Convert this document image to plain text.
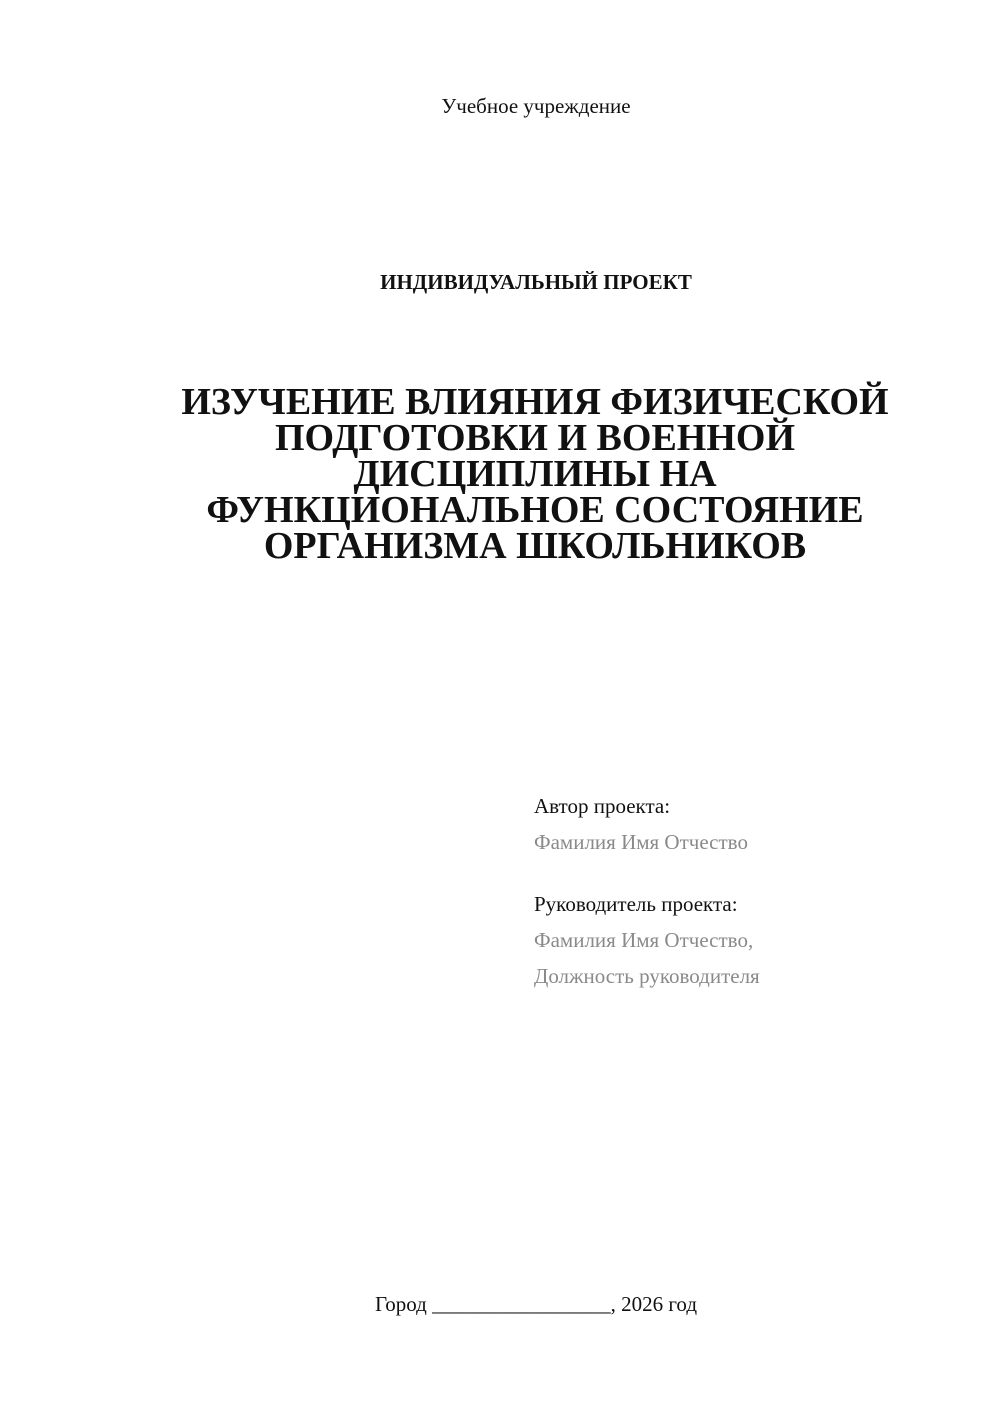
Учебное учреждение
ИНДИВИДУАЛЬНЫЙ ПРОЕКТ
ИЗУЧЕНИЕ ВЛИЯНИЯ ФИЗИЧЕСКОЙ
ПОДГОТОВКИ И ВОЕННОЙ
ДИСЦИПЛИНЫ НА
ФУНКЦИОНАЛЬНОЕ СОСТОЯНИЕ
ОРГАНИЗМА ШКОЛЬНИКОВ
Автор проекта:
Фамилия Имя Отчество
Руководитель проекта:
Фамилия Имя Отчество,
Должность руководителя
Город _________________, 2026 год
